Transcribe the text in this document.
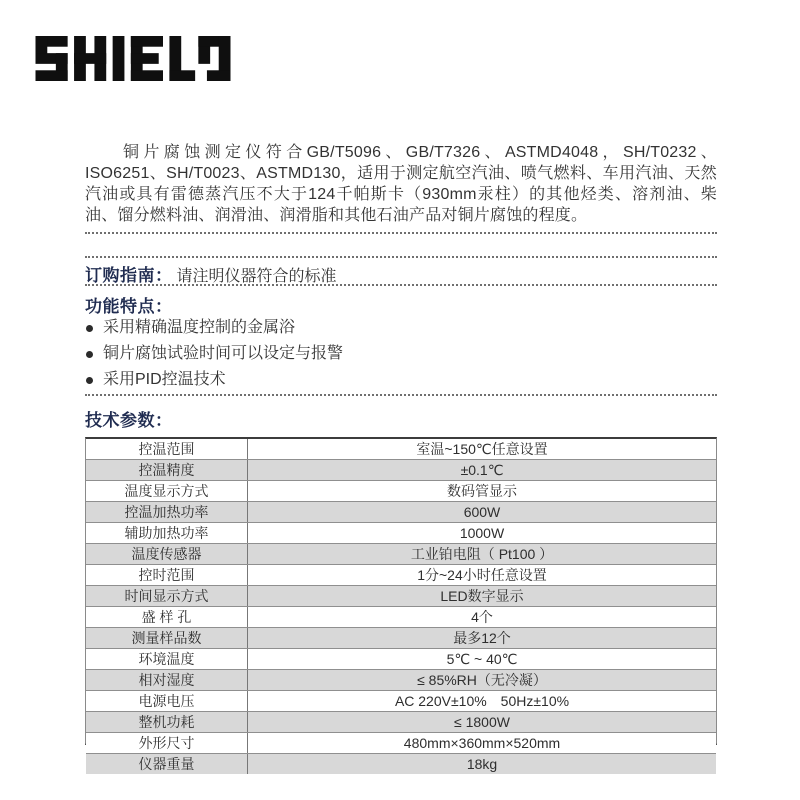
铜片腐蚀测定仪符合GB/T5096、GB/T7326、ASTMD4048，SH/T0232、ISO6251、SH/T0023、ASTMD130，适用于测定航空汽油、喷气燃料、车用汽油、天然汽油或具有雷德蒸汽压不大于124千帕斯卡（930mm汞柱）的其他烃类、溶剂油、柴油、馏分燃料油、润滑油、润滑脂和其他石油产品对铜片腐蚀的程度。

订购指南： 请注明仪器符合的标准
功能特点：
采用精确温度控制的金属浴
铜片腐蚀试验时间可以设定与报警
采用PID控温技术
技术参数：
控温范围	室温~150℃任意设置
控温精度	±0.1℃
温度显示方式	数码管显示
控温加热功率	600W
辅助加热功率	1000W
温度传感器	工业铂电阻（ Pt100 ）
控时范围	1分~24小时任意设置
时间显示方式	LED数字显示
盛 样 孔	4个
测量样品数	最多12个
环境温度	5℃ ~ 40℃
相对湿度	≤ 85%RH（无冷凝）
电源电压	AC 220V±10%　50Hz±10%
整机功耗	≤ 1800W
外形尺寸	480mm×360mm×520mm
仪器重量	18kg
